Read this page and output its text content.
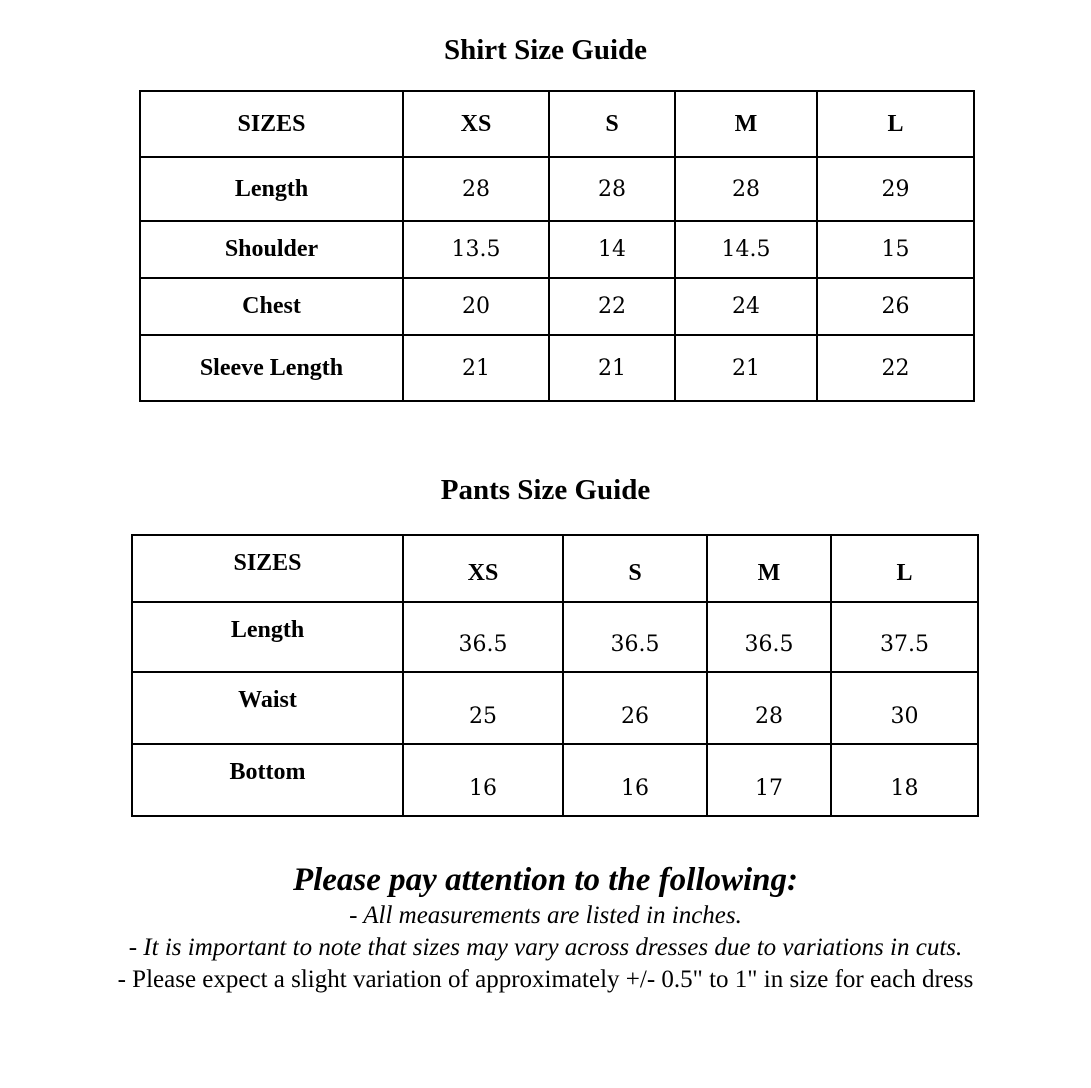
Shirt Size Guide
SIZES	XS	S	M	L
Length	28	28	28	29
Shoulder	13.5	14	14.5	15
Chest	20	22	24	26
Sleeve Length	21	21	21	22
Pants Size Guide
SIZES	XS	S	M	L
Length	36.5	36.5	36.5	37.5
Waist	25	26	28	30
Bottom	16	16	17	18

Please pay attention to the following:

- All measurements are listed in inches.

- It is important to note that sizes may vary across dresses due to variations in cuts.

- Please expect a slight variation of approximately +/- 0.5" to 1" in size for each dress
